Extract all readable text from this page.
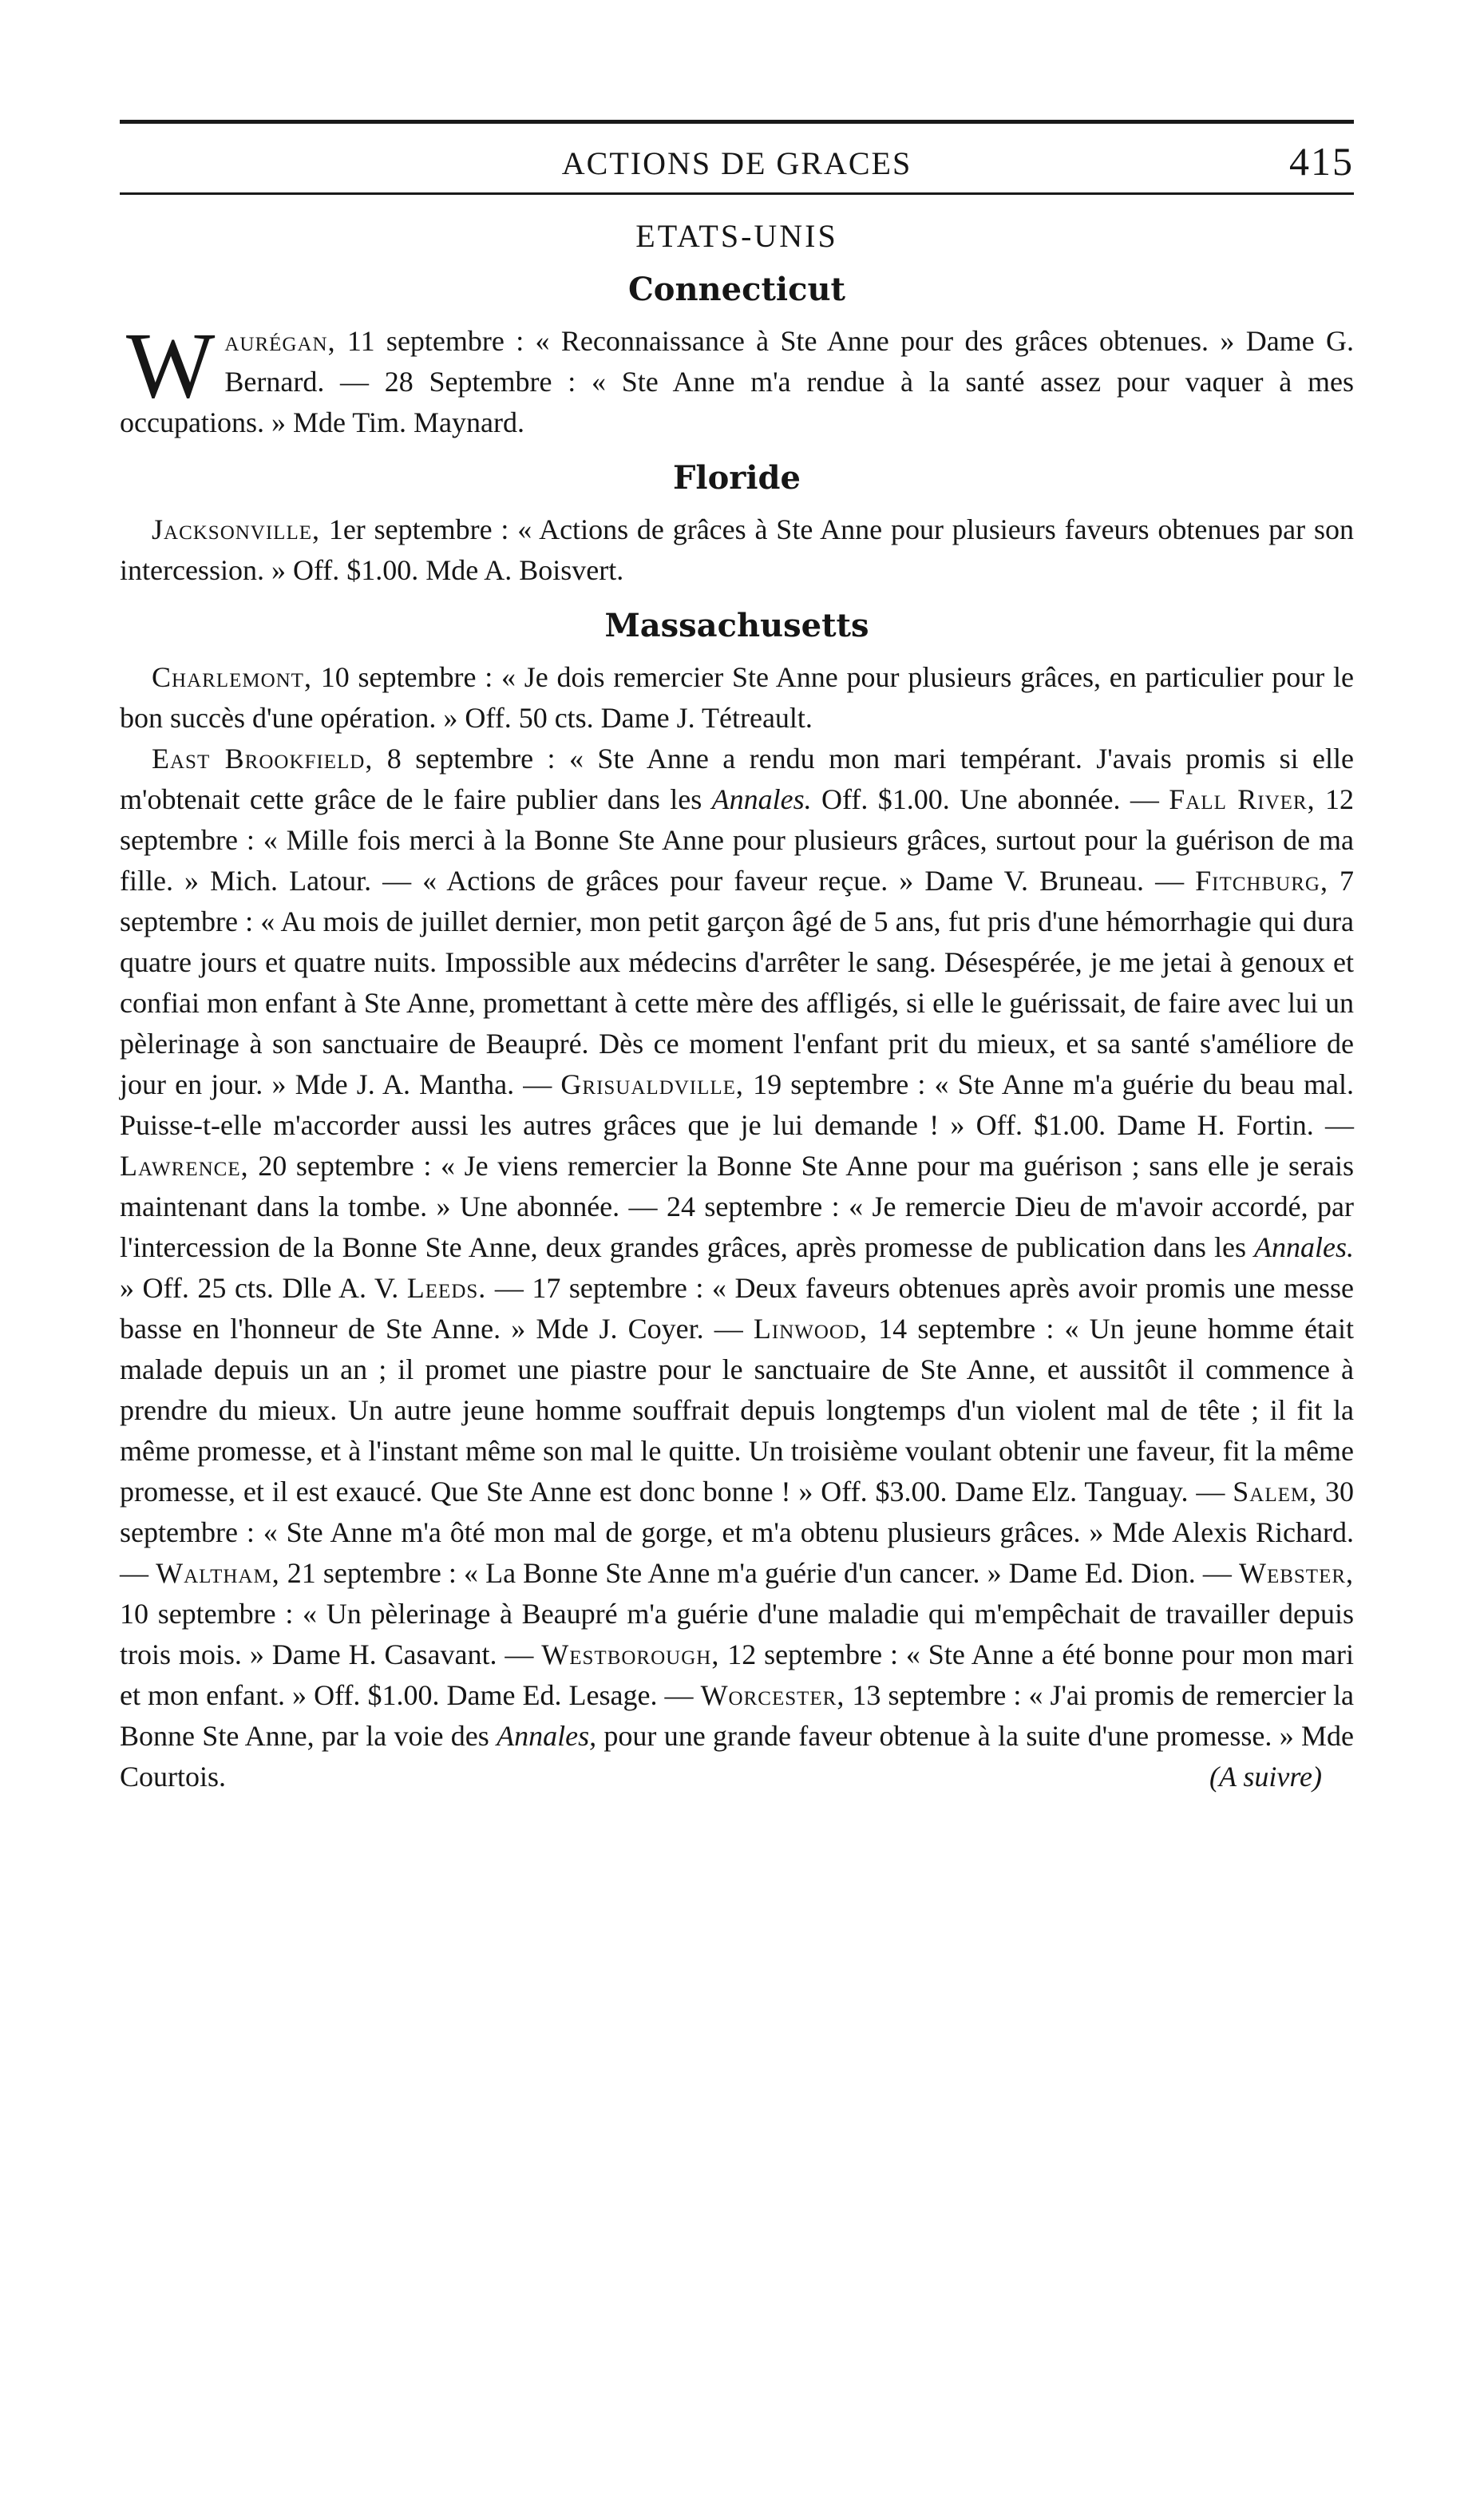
ACTIONS DE GRACES	415
ETATS-UNIS
Connecticut

Waurégan, 11 septembre : « Reconnaissance à Ste Anne pour des grâces obtenues. » Dame G. Bernard. — 28 Septembre : « Ste Anne m'a rendue à la santé assez pour vaquer à mes occupations. » Mde Tim. Maynard.

Floride

Jacksonville, 1er septembre : « Actions de grâces à Ste Anne pour plusieurs faveurs obtenues par son intercession. » Off. $1.00. Mde A. Boisvert.

Massachusetts

Charlemont, 10 septembre : « Je dois remercier Ste Anne pour plusieurs grâces, en particulier pour le bon succès d'une opération. » Off. 50 cts. Dame J. Tétreault.

East Brookfield, 8 septembre : « Ste Anne a rendu mon mari tempérant. J'avais promis si elle m'obtenait cette grâce de le faire publier dans les Annales. Off. $1.00. Une abonnée. — Fall River, 12 septembre : « Mille fois merci à la Bonne Ste Anne pour plusieurs grâces, surtout pour la guérison de ma fille. » Mich. Latour. — « Actions de grâces pour faveur reçue. » Dame V. Bruneau. — Fitchburg, 7 septembre : « Au mois de juillet dernier, mon petit garçon âgé de 5 ans, fut pris d'une hémorrhagie qui dura quatre jours et quatre nuits. Impossible aux médecins d'arrêter le sang. Désespérée, je me jetai à genoux et confiai mon enfant à Ste Anne, promettant à cette mère des affligés, si elle le guérissait, de faire avec lui un pèlerinage à son sanctuaire de Beaupré. Dès ce moment l'enfant prit du mieux, et sa santé s'améliore de jour en jour. » Mde J. A. Mantha. — Grisualdville, 19 septembre : « Ste Anne m'a guérie du beau mal. Puisse-t-elle m'accorder aussi les autres grâces que je lui demande ! » Off. $1.00. Dame H. Fortin. — Lawrence, 20 septembre : « Je viens remercier la Bonne Ste Anne pour ma guérison ; sans elle je serais maintenant dans la tombe. » Une abonnée. — 24 septembre : « Je remercie Dieu de m'avoir accordé, par l'intercession de la Bonne Ste Anne, deux grandes grâces, après promesse de publication dans les Annales. » Off. 25 cts. Dlle A. V. Leeds. — 17 septembre : « Deux faveurs obtenues après avoir promis une messe basse en l'honneur de Ste Anne. » Mde J. Coyer. — Linwood, 14 septembre : « Un jeune homme était malade depuis un an ; il promet une piastre pour le sanctuaire de Ste Anne, et aussitôt il commence à prendre du mieux. Un autre jeune homme souffrait depuis longtemps d'un violent mal de tête ; il fit la même promesse, et à l'instant même son mal le quitte. Un troisième voulant obtenir une faveur, fit la même promesse, et il est exaucé. Que Ste Anne est donc bonne ! » Off. $3.00. Dame Elz. Tanguay. — Salem, 30 septembre : « Ste Anne m'a ôté mon mal de gorge, et m'a obtenu plusieurs grâces. » Mde Alexis Richard. — Waltham, 21 septembre : « La Bonne Ste Anne m'a guérie d'un cancer. » Dame Ed. Dion. — Webster, 10 septembre : « Un pèlerinage à Beaupré m'a guérie d'une maladie qui m'empêchait de travailler depuis trois mois. » Dame H. Casavant. — Westborough, 12 septembre : « Ste Anne a été bonne pour mon mari et mon enfant. » Off. $1.00. Dame Ed. Lesage. — Worcester, 13 septembre : « J'ai promis de remercier la Bonne Ste Anne, par la voie des Annales, pour une grande faveur obtenue à la suite d'une promesse. » Mde Courtois.	(A suivre)
